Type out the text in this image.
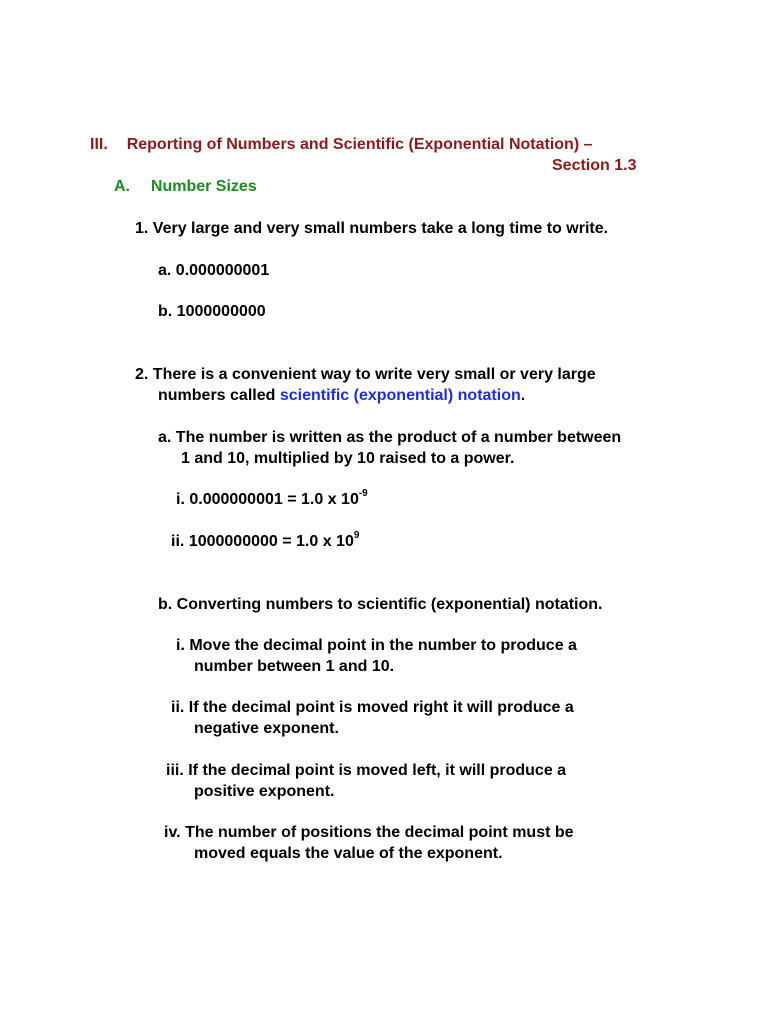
III. Reporting of Numbers and Scientific (Exponential Notation) –
Section 1.3
A. Number Sizes
1. Very large and very small numbers take a long time to write.
a. 0.000000001
b. 1000000000
2. There is a convenient way to write very small or very large
numbers called scientific (exponential) notation.
a. The number is written as the product of a number between
1 and 10, multiplied by 10 raised to a power.
i. 0.000000001 = 1.0 x $10^{-9}$
ii. 1000000000 = 1.0 x $10^9$
b. Converting numbers to scientific (exponential) notation.
i. Move the decimal point in the number to produce a
number between 1 and 10.
ii. If the decimal point is moved right it will produce a
negative exponent.
iii. If the decimal point is moved left, it will produce a
positive exponent.
iv. The number of positions the decimal point must be
moved equals the value of the exponent.
